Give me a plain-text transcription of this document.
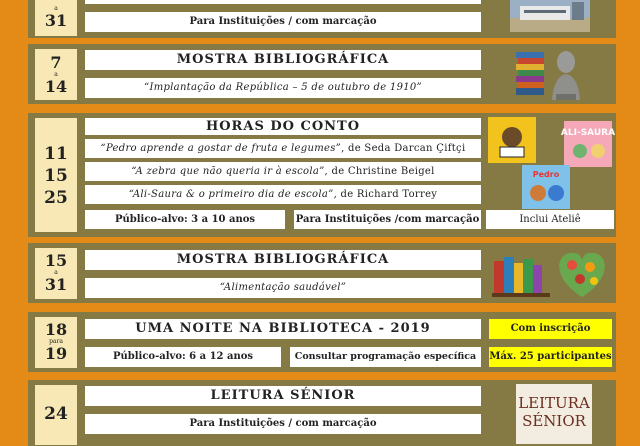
a
31	Para Instituições / com marcação
7
a
14
MOSTRA BIBLIOGRÁFICA
“Implantação da República – 5 de outubro de 1910”
11
15
25
HORAS DO CONTO
“Pedro aprende a gostar de fruta e legumes”, de Seda Darcan Çiftçi
“A zebra que não queria ir à escola”, de Christine Beigel
“Ali-Saura & o primeiro dia de escola”, de Richard Torrey
Público-alvo: 3 a 10 anos	Para Instituições /com marcação	Inclui Ateliê
ALI-SAURA
Pedro
15
a
31
MOSTRA BIBLIOGRÁFICA
“Alimentação saudável”
18
para
19
UMA NOITE NA BIBLIOTECA - 2019
Público-alvo: 6 a 12 anos	Consultar programação específica
Com inscrição
Máx. 25 participantes
24
LEITURA SÉNIOR
Para Instituições / com marcação
LEITURA
SÉNIOR
